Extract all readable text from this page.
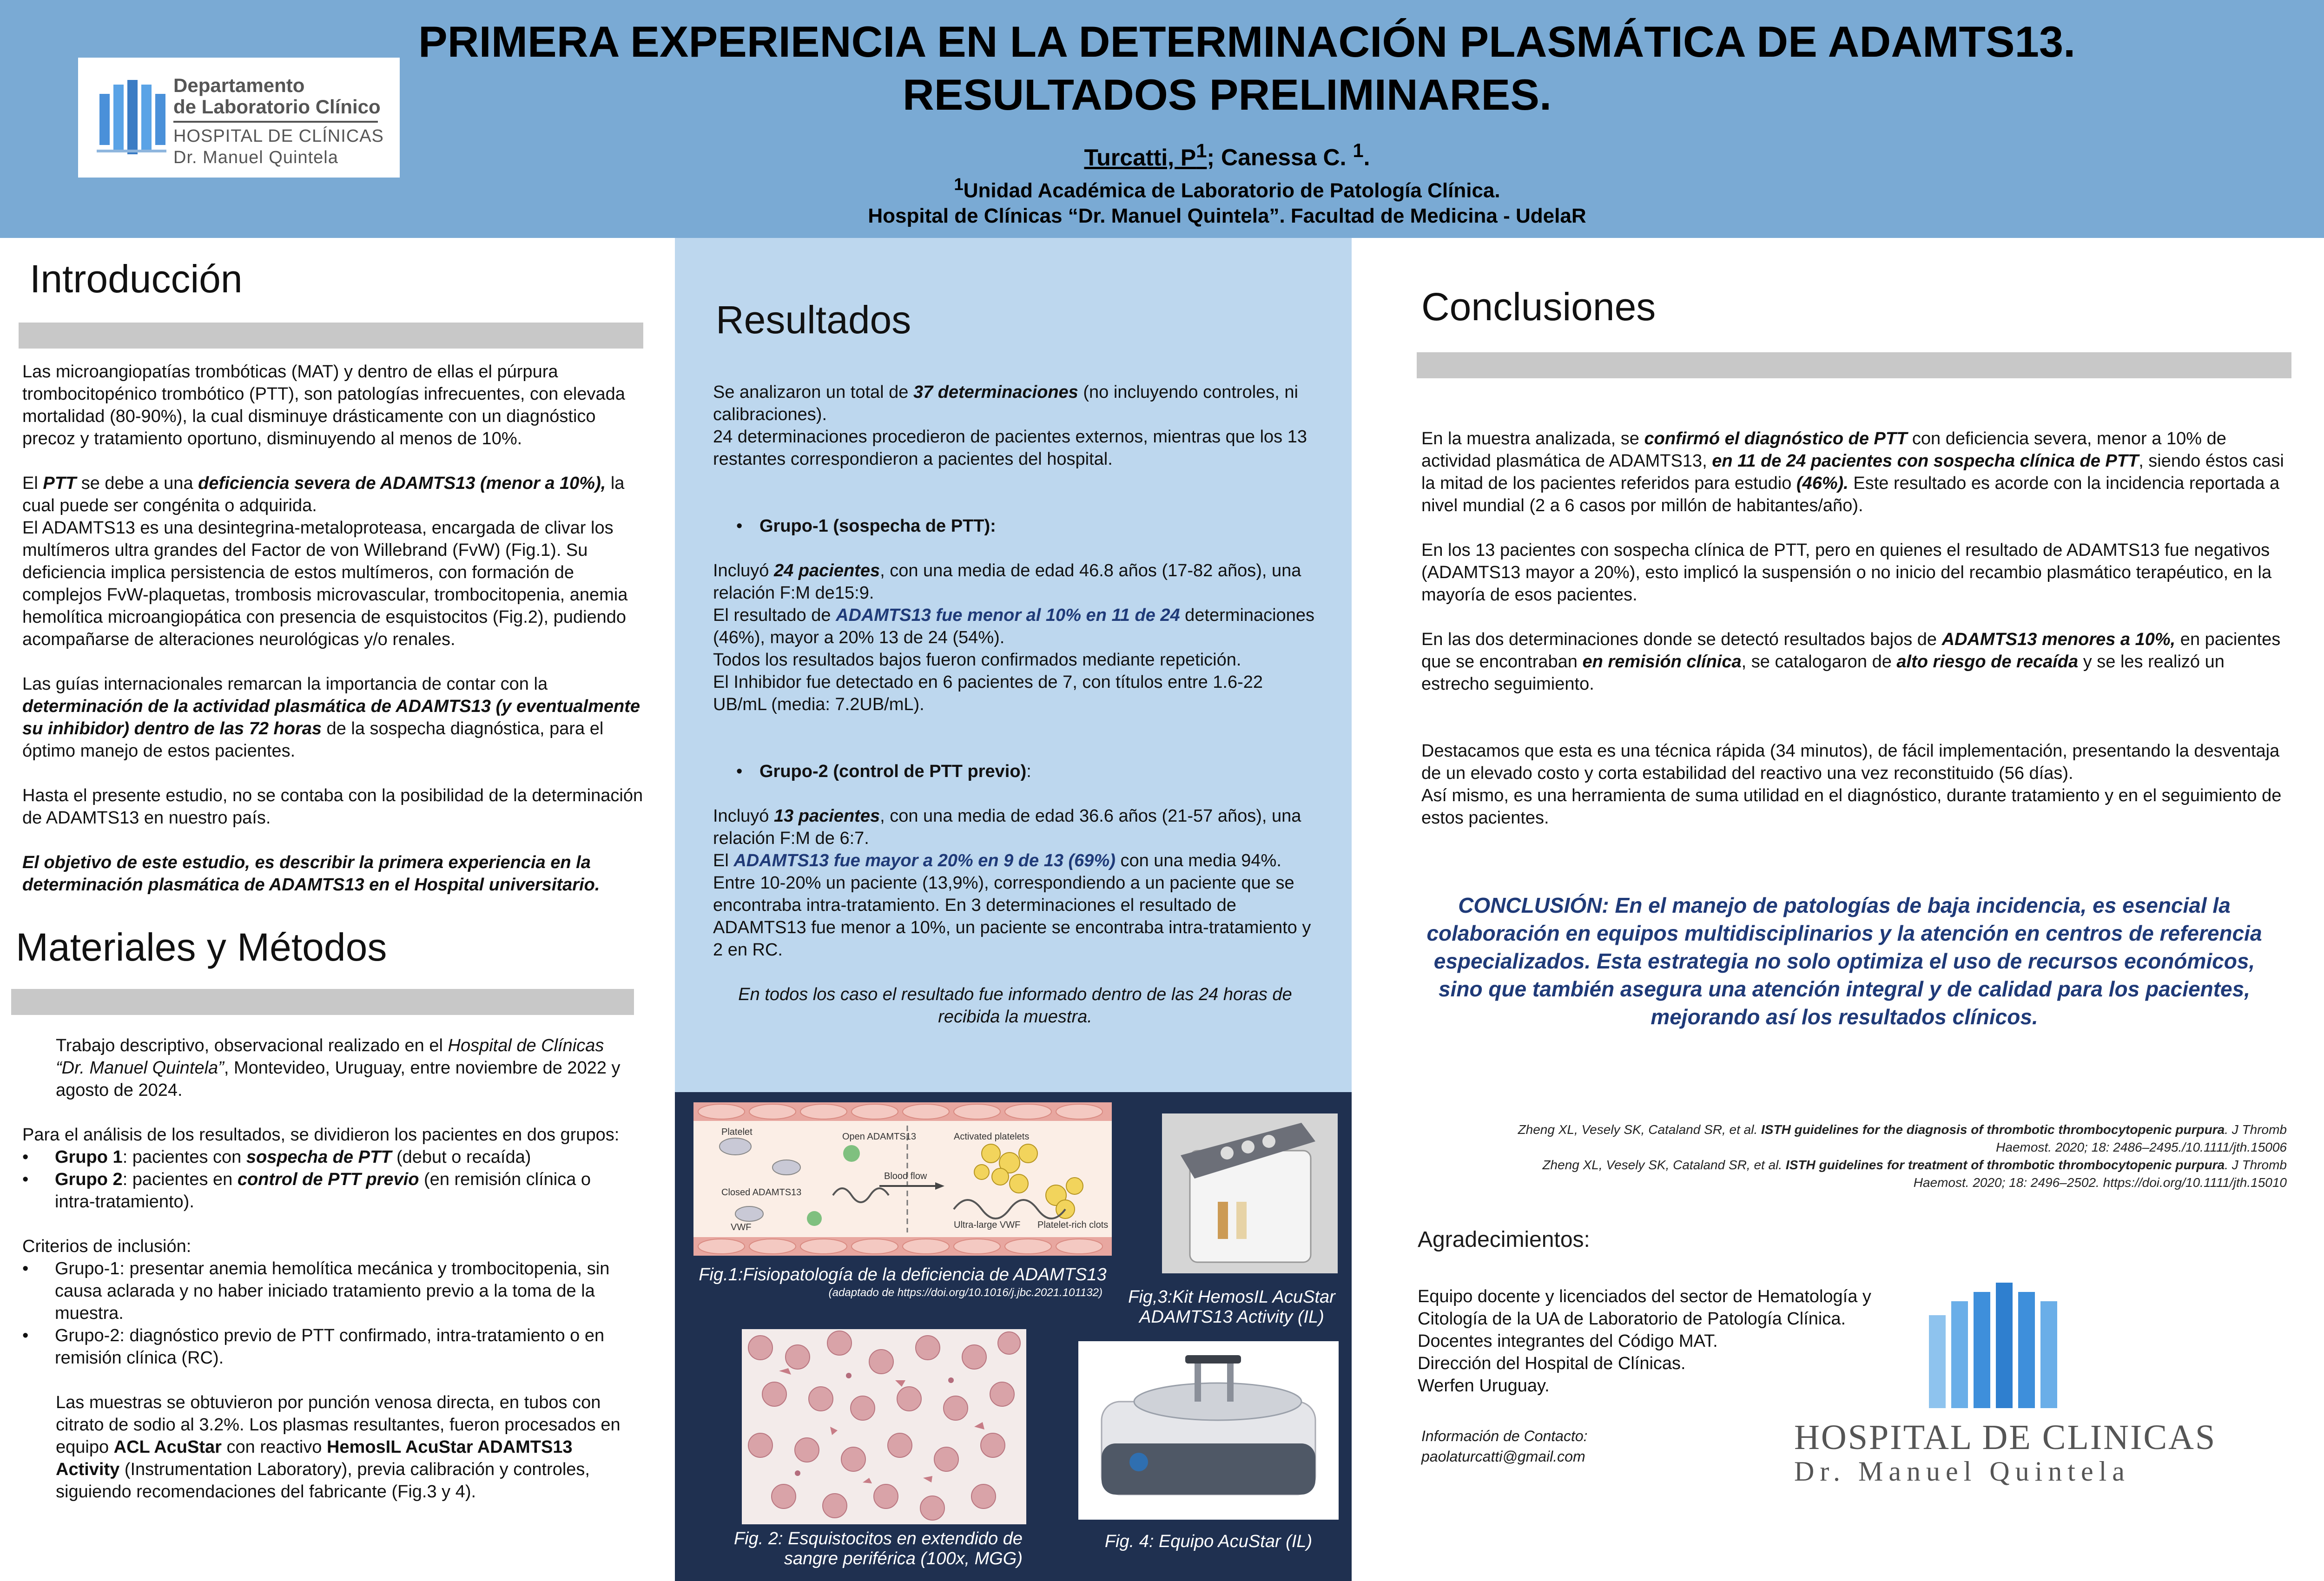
Departamento
de Laboratorio Clínico
HOSPITAL DE CLÍNICAS
Dr. Manuel Quintela
PRIMERA EXPERIENCIA EN LA DETERMINACIÓN PLASMÁTICA DE ADAMTS13.
RESULTADOS PRELIMINARES.
Turcatti, $P^1$; Canessa C. $^1$.
$^1$Unidad Académica de Laboratorio de Patología Clínica.
Hospital de Clínicas “Dr. Manuel Quintela”. Facultad de Medicina - UdelaR
Introducción

Las microangiopatías trombóticas (MAT) y dentro de ellas el púrpura trombocitopénico trombótico (PTT), son patologías infrecuentes, con elevada mortalidad (80-90%), la cual disminuye drásticamente con un diagnóstico precoz y tratamiento oportuno, disminuyendo al menos de 10%.

El PTT se debe a una deficiencia severa de ADAMTS13 (menor a 10%), la cual puede ser congénita o adquirida.
El ADAMTS13 es una desintegrina-metaloproteasa, encargada de clivar los multímeros ultra grandes del Factor de von Willebrand (FvW) (Fig.1). Su deficiencia implica persistencia de estos multímeros, con formación de complejos FvW-plaquetas, trombosis microvascular, trombocitopenia, anemia hemolítica microangiopática con presencia de esquistocitos (Fig.2), pudiendo acompañarse de alteraciones neurológicas y/o renales.

Las guías internacionales remarcan la importancia de contar con la determinación de la actividad plasmática de ADAMTS13 (y eventualmente su inhibidor) dentro de las 72 horas de la sospecha diagnóstica, para el óptimo manejo de estos pacientes.

Hasta el presente estudio, no se contaba con la posibilidad de la determinación de ADAMTS13 en nuestro país.

El objetivo de este estudio, es describir la primera experiencia en la determinación plasmática de ADAMTS13 en el Hospital universitario.

Materiales y Métodos

Trabajo descriptivo, observacional realizado en el Hospital de Clínicas “Dr. Manuel Quintela”, Montevideo, Uruguay, entre noviembre de 2022 y agosto de 2024.

Para el análisis de los resultados, se dividieron los pacientes en dos grupos:
• Grupo 1: pacientes con sospecha de PTT (debut o recaída)
• Grupo 2: pacientes en control de PTT previo (en remisión clínica o intra-tratamiento).
Criterios de inclusión:
• Grupo-1: presentar anemia hemolítica mecánica y trombocitopenia, sin causa aclarada y no haber iniciado tratamiento previo a la toma de la muestra.
• Grupo-2: diagnóstico previo de PTT confirmado, intra-tratamiento o en remisión clínica (RC).

Las muestras se obtuvieron por punción venosa directa, en tubos con citrato de sodio al 3.2%. Los plasmas resultantes, fueron procesados en equipo ACL AcuStar con reactivo HemosIL AcuStar ADAMTS13 Activity (Instrumentation Laboratory), previa calibración y controles, siguiendo recomendaciones del fabricante (Fig.3 y 4).

Resultados

Se analizaron un total de 37 determinaciones (no incluyendo controles, ni calibraciones).
24 determinaciones procedieron de pacientes externos, mientras que los 13 restantes correspondieron a pacientes del hospital.

• Grupo-1 (sospecha de PTT):

Incluyó 24 pacientes, con una media de edad 46.8 años (17-82 años), una relación F:M de15:9.
El resultado de ADAMTS13 fue menor al 10% en 11 de 24 determinaciones (46%), mayor a 20% 13 de 24 (54%).
Todos los resultados bajos fueron confirmados mediante repetición.
El Inhibidor fue detectado en 6 pacientes de 7, con títulos entre 1.6-22 UB/mL (media: 7.2UB/mL).

• Grupo-2 (control de PTT previo):

Incluyó 13 pacientes, con una media de edad 36.6 años (21-57 años), una relación F:M de 6:7.
El ADAMTS13 fue mayor a 20% en 9 de 13 (69%) con una media 94%.
Entre 10-20% un paciente (13,9%), correspondiendo a un paciente que se encontraba intra-tratamiento. En 3 determinaciones el resultado de ADAMTS13 fue menor a 10%, un paciente se encontraba intra-tratamiento y 2 en RC.

En todos los caso el resultado fue informado dentro de las 24 horas de recibida la muestra.

Platelet	Open ADAMTS13	Activated platelets
Closed ADAMTS13
Blood flow
VWF	Ultra-large VWF Platelet-rich clots
Fig.1:Fisiopatología de la deficiencia de ADAMTS13
(adaptado de https://doi.org/10.1016/j.jbc.2021.101132)	Fig,3:Kit HemosIL AcuStar
ADAMTS13 Activity (IL)
Fig. 2: Esquistocitos en extendido de
sangre periférica (100x, MGG)
Fig. 4: Equipo AcuStar (IL)
Conclusiones

En la muestra analizada, se confirmó el diagnóstico de PTT con deficiencia severa, menor a 10% de actividad plasmática de ADAMTS13, en 11 de 24 pacientes con sospecha clínica de PTT, siendo éstos casi la mitad de los pacientes referidos para estudio (46%). Este resultado es acorde con la incidencia reportada a nivel mundial (2 a 6 casos por millón de habitantes/año).

En los 13 pacientes con sospecha clínica de PTT, pero en quienes el resultado de ADAMTS13 fue negativos (ADAMTS13 mayor a 20%), esto implicó la suspensión o no inicio del recambio plasmático terapéutico, en la mayoría de esos pacientes.

En las dos determinaciones donde se detectó resultados bajos de ADAMTS13 menores a 10%, en pacientes que se encontraban en remisión clínica, se catalogaron de alto riesgo de recaída y se les realizó un estrecho seguimiento.

Destacamos que esta es una técnica rápida (34 minutos), de fácil implementación, presentando la desventaja de un elevado costo y corta estabilidad del reactivo una vez reconstituido (56 días).
Así mismo, es una herramienta de suma utilidad en el diagnóstico, durante tratamiento y en el seguimiento de estos pacientes.
CONCLUSIÓN: En el manejo de patologías de baja incidencia, es esencial la colaboración en equipos multidisciplinarios y la atención en centros de referencia especializados. Esta estrategia no solo optimiza el uso de recursos económicos, sino que también asegura una atención integral y de calidad para los pacientes, mejorando así los resultados clínicos.
Zheng XL, Vesely SK, Cataland SR, et al. ISTH guidelines for the diagnosis of thrombotic thrombocytopenic purpura. J Thromb
Haemost. 2020; 18: 2486–2495./10.1111/jth.15006
Zheng XL, Vesely SK, Cataland SR, et al. ISTH guidelines for treatment of thrombotic thrombocytopenic purpura. J Thromb
Haemost. 2020; 18: 2496–2502. https://doi.org/10.1111/jth.15010
Agradecimientos:
Equipo docente y licenciados del sector de Hematología y
Citología de la UA de Laboratorio de Patología Clínica.
Docentes integrantes del Código MAT.
Dirección del Hospital de Clínicas.
Werfen Uruguay.
Información de Contacto:
paolaturcatti@gmail.com	HOSPITAL DE CLINICAS
Dr. Manuel Quintela
